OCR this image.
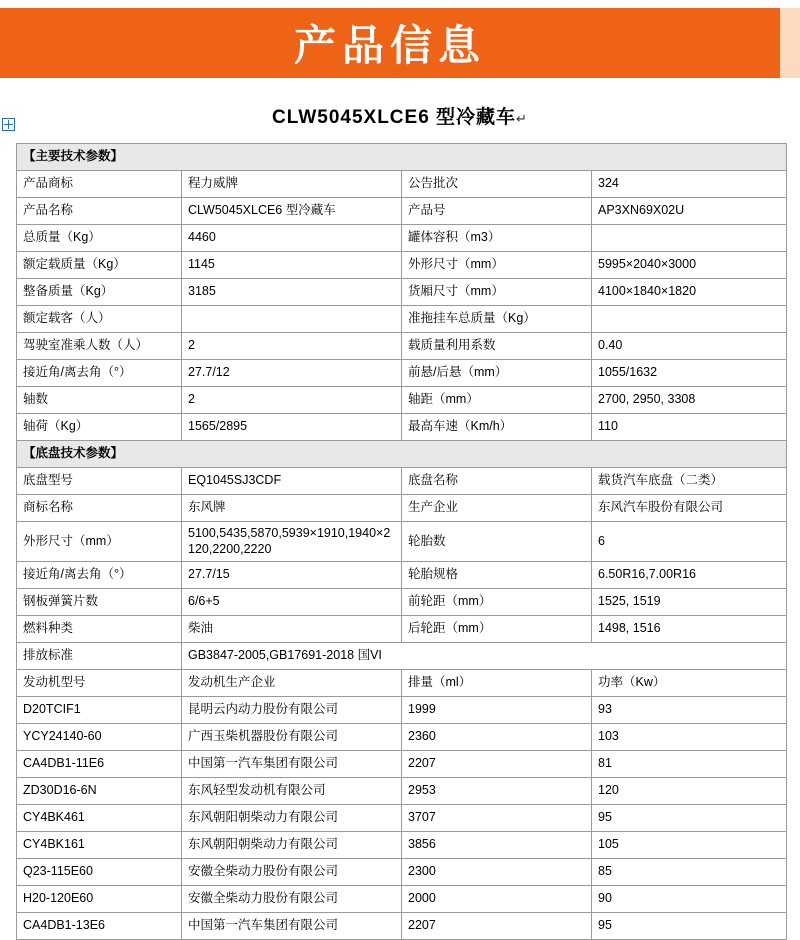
产品信息
CLW5045XLCE6 型冷藏车↵
【主要技术参数】			
产品商标	程力威牌	公告批次	324
产品名称	CLW5045XLCE6 型冷藏车	产品号	AP3XN69X02U
总质量（Kg）	4460	罐体容积（m3）	
额定载质量（Kg）	1145	外形尺寸（mm）	5995×2040×3000
整备质量（Kg）	3185	货厢尺寸（mm）	4100×1840×1820
额定载客（人）		准拖挂车总质量（Kg）	
驾驶室准乘人数（人）	2	载质量利用系数	0.40
接近角/离去角（°）	27.7/12	前悬/后悬（mm）	1055/1632
轴数	2	轴距（mm）	2700, 2950, 3308
轴荷（Kg）	1565/2895	最高车速（Km/h）	110
【底盘技术参数】			
底盘型号	EQ1045SJ3CDF	底盘名称	载货汽车底盘（二类）
商标名称	东风牌	生产企业	东风汽车股份有限公司
外形尺寸（mm）	5100,5435,5870,5939×1910,1940×2120,2200,2220	轮胎数	6
接近角/离去角（°）	27.7/15	轮胎规格	6.50R16,7.00R16
钢板弹簧片数	6/6+5	前轮距（mm）	1525, 1519
燃料种类	柴油	后轮距（mm）	1498, 1516
排放标准	GB3847-2005,GB17691-2018 国VI		
发动机型号	发动机生产企业	排量（ml）	功率（Kw）
D20TCIF1	昆明云内动力股份有限公司	1999	93
YCY24140-60	广西玉柴机器股份有限公司	2360	103
CA4DB1-11E6	中国第一汽车集团有限公司	2207	81
ZD30D16-6N	东风轻型发动机有限公司	2953	120
CY4BK461	东风朝阳朝柴动力有限公司	3707	95
CY4BK161	东风朝阳朝柴动力有限公司	3856	105
Q23-115E60	安徽全柴动力股份有限公司	2300	85
H20-120E60	安徽全柴动力股份有限公司	2000	90
CA4DB1-13E6	中国第一汽车集团有限公司	2207	95
